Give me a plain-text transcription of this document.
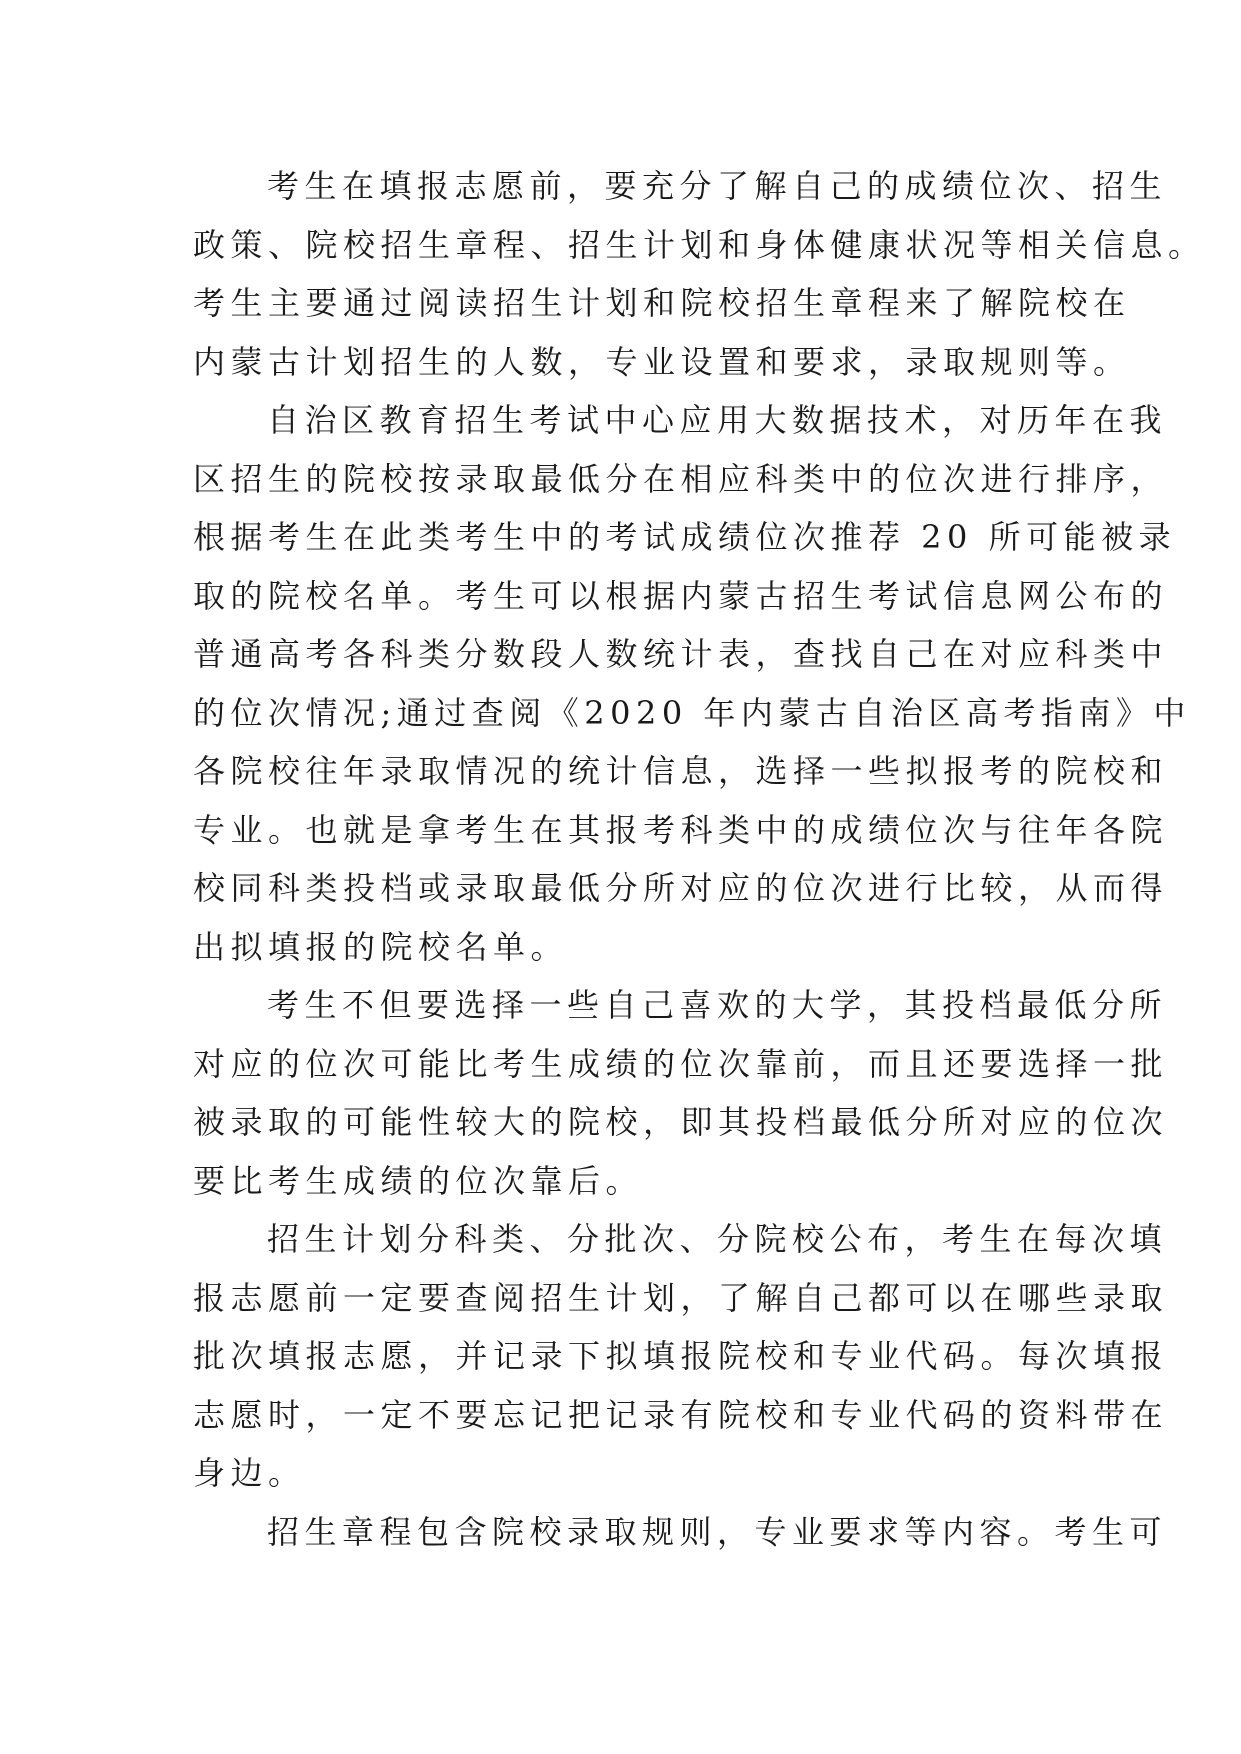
考生在填报志愿前，要充分了解自己的成绩位次、招生
政策、院校招生章程、招生计划和身体健康状况等相关信息。
考生主要通过阅读招生计划和院校招生章程来了解院校在
内蒙古计划招生的人数，专业设置和要求，录取规则等。
自治区教育招生考试中心应用大数据技术，对历年在我
区招生的院校按录取最低分在相应科类中的位次进行排序，
根据考生在此类考生中的考试成绩位次推荐 20 所可能被录
取的院校名单。考生可以根据内蒙古招生考试信息网公布的
普通高考各科类分数段人数统计表，查找自己在对应科类中
的位次情况;通过查阅《2020 年内蒙古自治区高考指南》中
各院校往年录取情况的统计信息，选择一些拟报考的院校和
专业。也就是拿考生在其报考科类中的成绩位次与往年各院
校同科类投档或录取最低分所对应的位次进行比较，从而得
出拟填报的院校名单。
考生不但要选择一些自己喜欢的大学，其投档最低分所
对应的位次可能比考生成绩的位次靠前，而且还要选择一批
被录取的可能性较大的院校，即其投档最低分所对应的位次
要比考生成绩的位次靠后。
招生计划分科类、分批次、分院校公布，考生在每次填
报志愿前一定要查阅招生计划，了解自己都可以在哪些录取
批次填报志愿，并记录下拟填报院校和专业代码。每次填报
志愿时，一定不要忘记把记录有院校和专业代码的资料带在
身边。
招生章程包含院校录取规则，专业要求等内容。考生可
